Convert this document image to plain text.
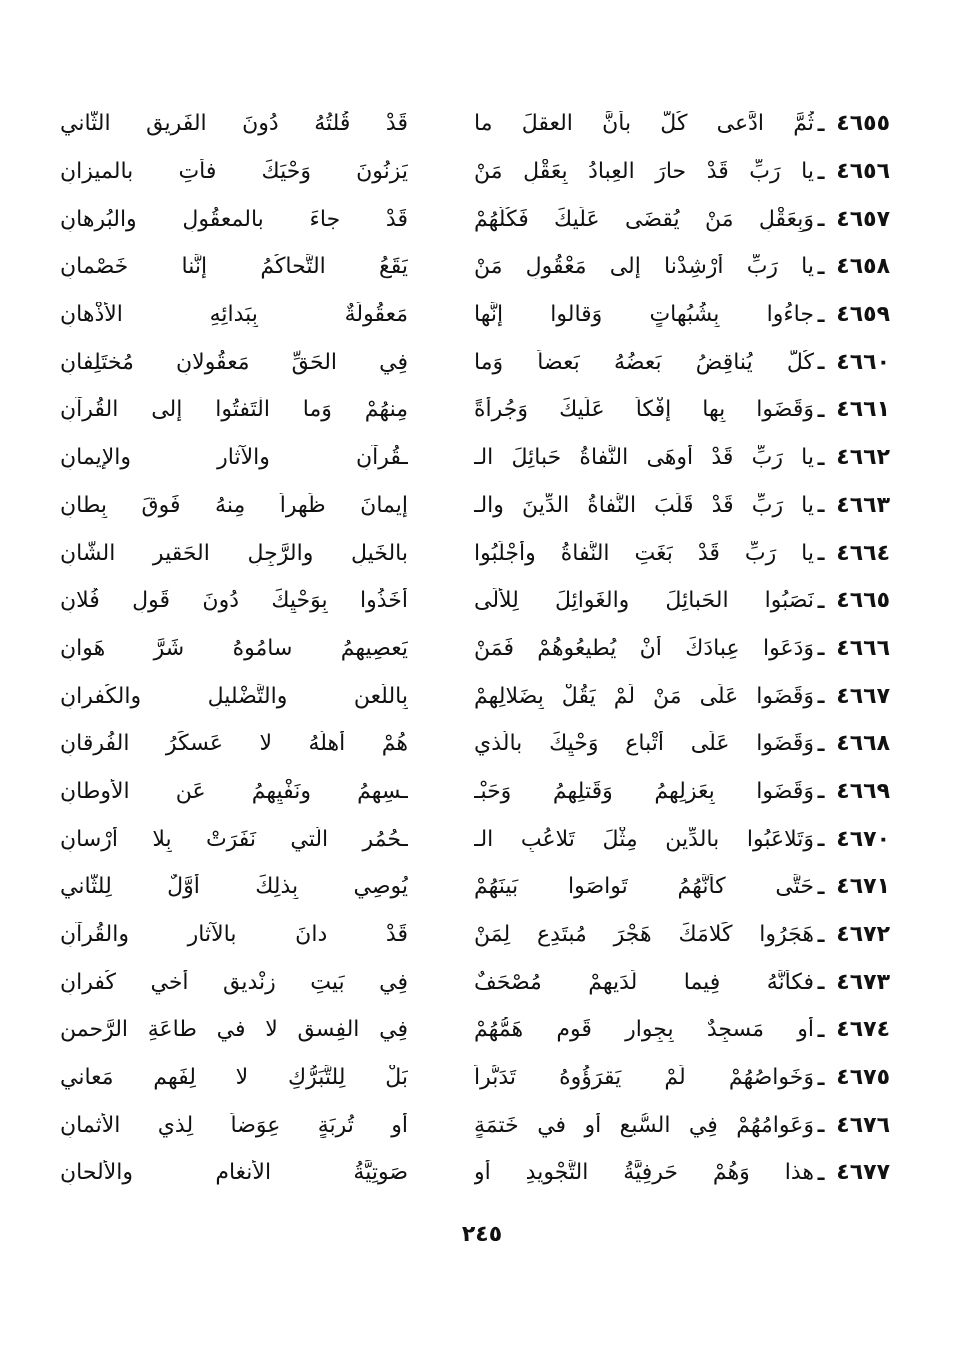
٤٦٥٥
ـ
ثُمَّ ادَّعى كُلٌّ بأنَّ العقلَ ما
قَدْ قُلتُهُ دُونَ الفَريقِ الثَّاني
٤٦٥٦
ـ
يا رَبِّ قَدْ حارَ العِبادُ بِعَقْلِ مَنْ
يَزنُونَ وَحْيَكَ فأْتِ بالميزانِ
٤٦٥٧
ـ
وَبِعَقْلِ مَنْ يُقضَى عَلَيكَ فَكُلُّهُمْ
قَدْ جاءَ بالمعقُولِ والبُرهانِ
٤٦٥٨
ـ
يا رَبِّ أرْشِدْنا إلى مَعْقُولِ مَنْ
يَقَعُ التَّحاكُمُ إنَّنا خَصْمانِ
٤٦٥٩
ـ
جاءُوا بِشُبُهاتٍ وَقالوا إنَّها
مَعقُولَةٌ بِبَدائِهِ الأذْهانِ
٤٦٦٠
ـ
كُلٌّ يُناقِضُ بَعضُهُ بَعضاً وَما
فِي الحَقِّ مَعقُولانِ مُختَلِفانِ
٤٦٦١
ـ
وَقَضَوا بِها إفْكاً عَلَيكَ وَجُرأَةً
مِنهُمْ وَما الْتَفتُوا إلى القُرآنِ
٤٦٦٢
ـ
يا رَبِّ قَدْ أوهَى النُّفاةُ حَبائِلَ الـ
ـقُرآنِ والآثارِ والإيمانِ
٤٦٦٣
ـ
يا رَبِّ قَدْ قَلَبَ النُّفاةُ الدِّينَ والـ
إيمانَ ظَهراً مِنهُ فَوقَ بِطانِ
٤٦٦٤
ـ
يا رَبِّ قَدْ بَغَتِ النُّفاةُ وأجْلَبُوا
بالخَيلِ والرَّجِلِ الحَقيرِ الشَّانِ
٤٦٦٥
ـ
نَصَبُوا الحَبائِلَ والغَوائِلَ لِلأُلَى
أخَذُوا بِوَحْيِكَ دُونَ قَولِ فُلانِ
٤٦٦٦
ـ
وَدَعَوا عِبادَكَ أنْ يُطيعُوهُمْ فَمَنْ
يَعصِيهِمُ سامُوهُ شَرَّ هَوانِ
٤٦٦٧
ـ
وَقَضَوا عَلَى مَنْ لَمْ يَقُلْ بِضَلالِهِمْ
بِاللَّعنِ والتَّضْليلِ والكُفرانِ
٤٦٦٨
ـ
وَقَضَوا عَلَى أتْباعِ وَحْيِكَ بالَّذي
هُمْ أهلُهُ لا عَسكَرُ الفُرقانِ
٤٦٦٩
ـ
وَقَضَوا بِعَزلِهِمُ وَقَتلِهِمُ وَحَبْـ
ـسِهِمُ ونَفْيِهِمُ عَنِ الأوطانِ
٤٦٧٠
ـ
وَتَلاعَبُوا بالدِّينِ مِثْلَ تَلاعُبِ الـ
ـحُمُرِ الَّتي نَفَرَتْ بِلا أرْسانِ
٤٦٧١
ـ
حَتَّى كأنَّهُمُ تَواصَوا بَينَهُمْ
يُوصِي بِذلِكَ أوَّلٌ لِلثَّاني
٤٦٧٢
ـ
هَجَرُوا كَلامَكَ هَجْرَ مُبتَدِعٍ لِمَنْ
قَدْ دانَ بالآثارِ والقُرآنِ
٤٦٧٣
ـ
فكأنَّهُ فِيما لَدَيهِمْ مُصْحَفٌ
فِي بَيتِ زِنْديقٍ أخي كُفرانِ
٤٦٧٤
ـ
أو مَسجِدٌ بِجِوارِ قَومٍ هَمُّهُمْ
فِي الفِسقِ لا في طاعَةِ الرَّحمنِ
٤٦٧٥
ـ
وَخَواصُهُمْ لَمْ يَقرَؤُوهُ تَدَبُّراً
بَلْ لِلتَّبَرُّكِ لا لِفَهمِ مَعاني
٤٦٧٦
ـ
وَعَوامُهُمْ فِي السُّبعِ أو في خَتمَةٍ
أو تُربَةٍ عِوَضاً لِذي الأثمانِ
٤٦٧٧
ـ
هذا وَهُمْ حَرفِيَّةُ التَّجْويدِ أو
صَوتِيَّةُ الأنغامِ والألحانِ
٢٤٥
